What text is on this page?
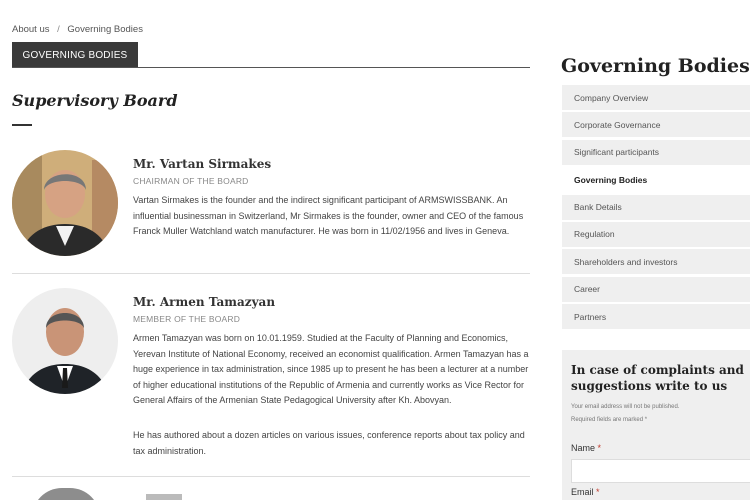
About us / Governing Bodies
GOVERNING BODIES
Supervisory Board
Mr. Vartan Sirmakes
CHAIRMAN OF THE BOARD
Vartan Sirmakes is the founder and the indirect significant participant of ARMSWISSBANK. An influential businessman in Switzerland, Mr Sirmakes is the founder, owner and CEO of the famous Franck Muller Watchland watch manufacturer. He was born in 11/02/1956 and lives in Geneva.
Mr. Armen Tamazyan
MEMBER OF THE BOARD
Armen Tamazyan was born on 10.01.1959. Studied at the Faculty of Planning and Economics, Yerevan Institute of National Economy, received an economist qualification. Armen Tamazyan has a huge experience in tax administration, since 1985 up to present he has been a lecturer at a number of higher educational institutions of the Republic of Armenia and currently works as Vice Rector for General Affairs of the Armenian State Pedagogical University after Kh. Abovyan.
He has authored about a dozen articles on various issues, conference reports about tax policy and tax administration.
Governing Bodies
Company Overview
Corporate Governance
Significant participants
Governing Bodies
Bank Details
Regulation
Shareholders and investors
Career
Partners
In case of complaints and suggestions write to us
Your email address will not be published.
Required fields are marked *
Name *
Email *
